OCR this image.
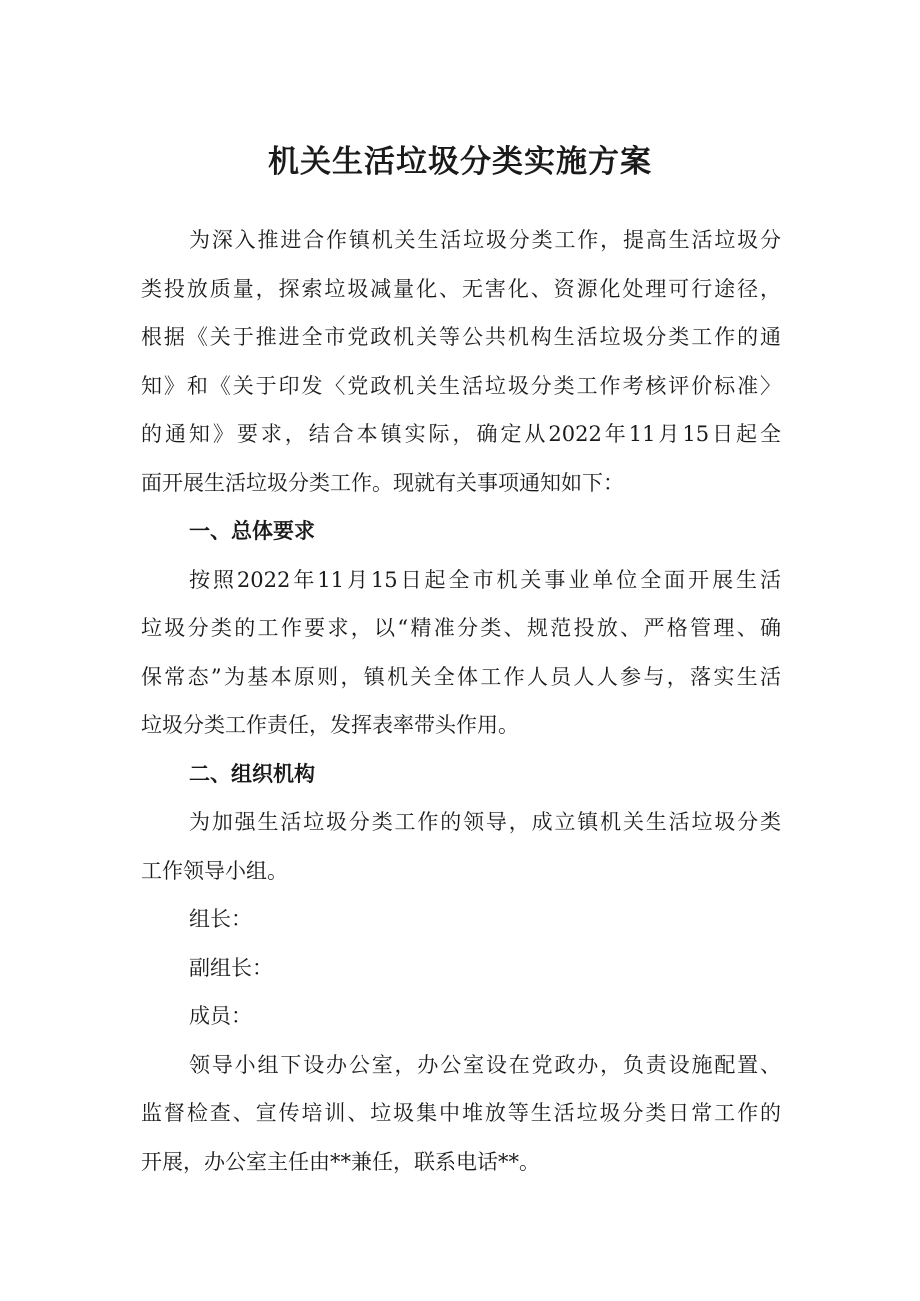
机关生活垃圾分类实施方案
为深入推进合作镇机关生活垃圾分类工作，提高生活垃圾分
类投放质量，探索垃圾减量化、无害化、资源化处理可行途径，
根据《关于推进全市党政机关等公共机构生活垃圾分类工作的通
知》和《关于印发〈党政机关生活垃圾分类工作考核评价标准〉
的通知》要求，结合本镇实际，确定从2022年11月15日起全
面开展生活垃圾分类工作。现就有关事项通知如下：
一、总体要求
按照2022年11月15日起全市机关事业单位全面开展生活
垃圾分类的工作要求，以“精准分类、规范投放、严格管理、确
保常态”为基本原则，镇机关全体工作人员人人参与，落实生活
垃圾分类工作责任，发挥表率带头作用。
二、组织机构
为加强生活垃圾分类工作的领导，成立镇机关生活垃圾分类
工作领导小组。
组长：
副组长：
成员：
领导小组下设办公室，办公室设在党政办，负责设施配置、
监督检查、宣传培训、垃圾集中堆放等生活垃圾分类日常工作的
开展，办公室主任由**兼任，联系电话**。
